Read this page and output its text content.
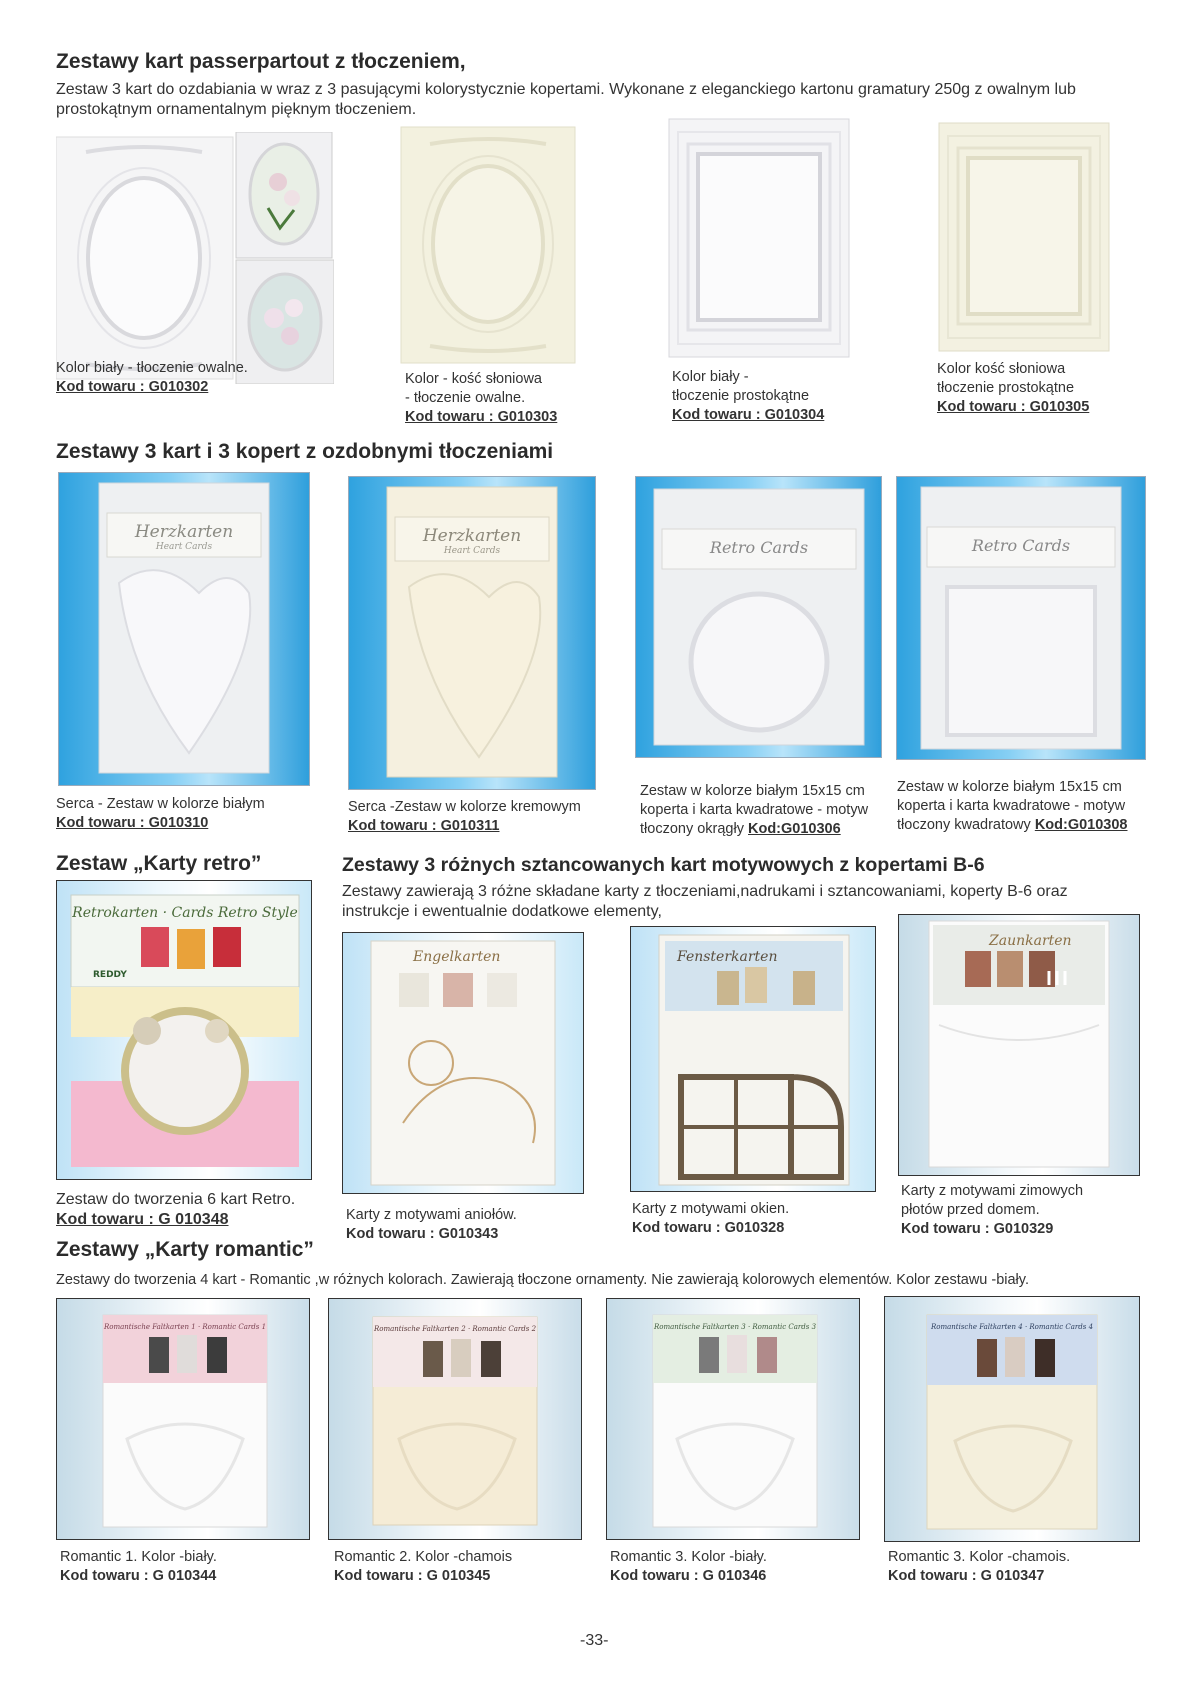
Zestawy kart passerpartout z tłoczeniem,
Zestaw 3 kart do ozdabiania w wraz z 3 pasującymi kolorystycznie kopertami. Wykonane z eleganckiego kartonu gramatury 250g z owalnym lub prostokątnym ornamentalnym pięknym tłoczeniem.
Kolor biały - tłoczenie owalne.
Kod towaru : G010302	Kolor - kość słoniowa
- tłoczenie owalne.
Kod towaru : G010303
Kolor biały -
tłoczenie prostokątne
Kod towaru : G010304
Kolor kość słoniowa
tłoczenie prostokątne
Kod towaru : G010305
Zestawy 3 kart i 3 kopert z ozdobnymi tłoczeniami
Herzkarten
Heart Cards
Serca - Zestaw w kolorze białym
Kod towaru : G010310
Herzkarten
Heart Cards
Serca -Zestaw w kolorze kremowym
Kod towaru : G010311
Retro Cards
Zestaw w kolorze białym 15x15 cm
koperta i karta kwadratowe - motyw
tłoczony okrągły Kod:G010306
Retro Cards
Zestaw w kolorze białym 15x15 cm
koperta i karta kwadratowe - motyw
tłoczony kwadratowy Kod:G010308
Zestaw „Karty retro”
Retrokarten · Cards Retro Style
REDDY
Zestaw do tworzenia 6 kart Retro.
Kod towaru : G 010348
Zestawy 3 różnych sztancowanych kart motywowych z kopertami B-6
Zestawy zawierają 3 różne składane karty z tłoczeniami,nadrukami i sztancowaniami, koperty B-6 oraz instrukcje i ewentualnie dodatkowe elementy,
Engelkarten
Karty z motywami aniołów.
Kod towaru : G010343
Fensterkarten
Karty z motywami okien.
Kod towaru : G010328
Zaunkarten
Karty z motywami zimowych
płotów przed domem.
Kod towaru : G010329
Zestawy „Karty romantic”
Zestawy do tworzenia 4 kart - Romantic ,w różnych kolorach. Zawierają tłoczone ornamenty. Nie zawierają kolorowych elementów. Kolor zestawu -biały.
Romantische Faltkarten 1 · Romantic Cards 1
Romantic 1. Kolor -biały.
Kod towaru : G 010344
Romantische Faltkarten 2 · Romantic Cards 2
Romantic 2. Kolor -chamois
Kod towaru : G 010345
Romantische Faltkarten 3 · Romantic Cards 3
Romantic 3. Kolor -biały.
Kod towaru : G 010346
Romantische Faltkarten 4 · Romantic Cards 4
Romantic 3. Kolor -chamois.
Kod towaru : G 010347
-33-
